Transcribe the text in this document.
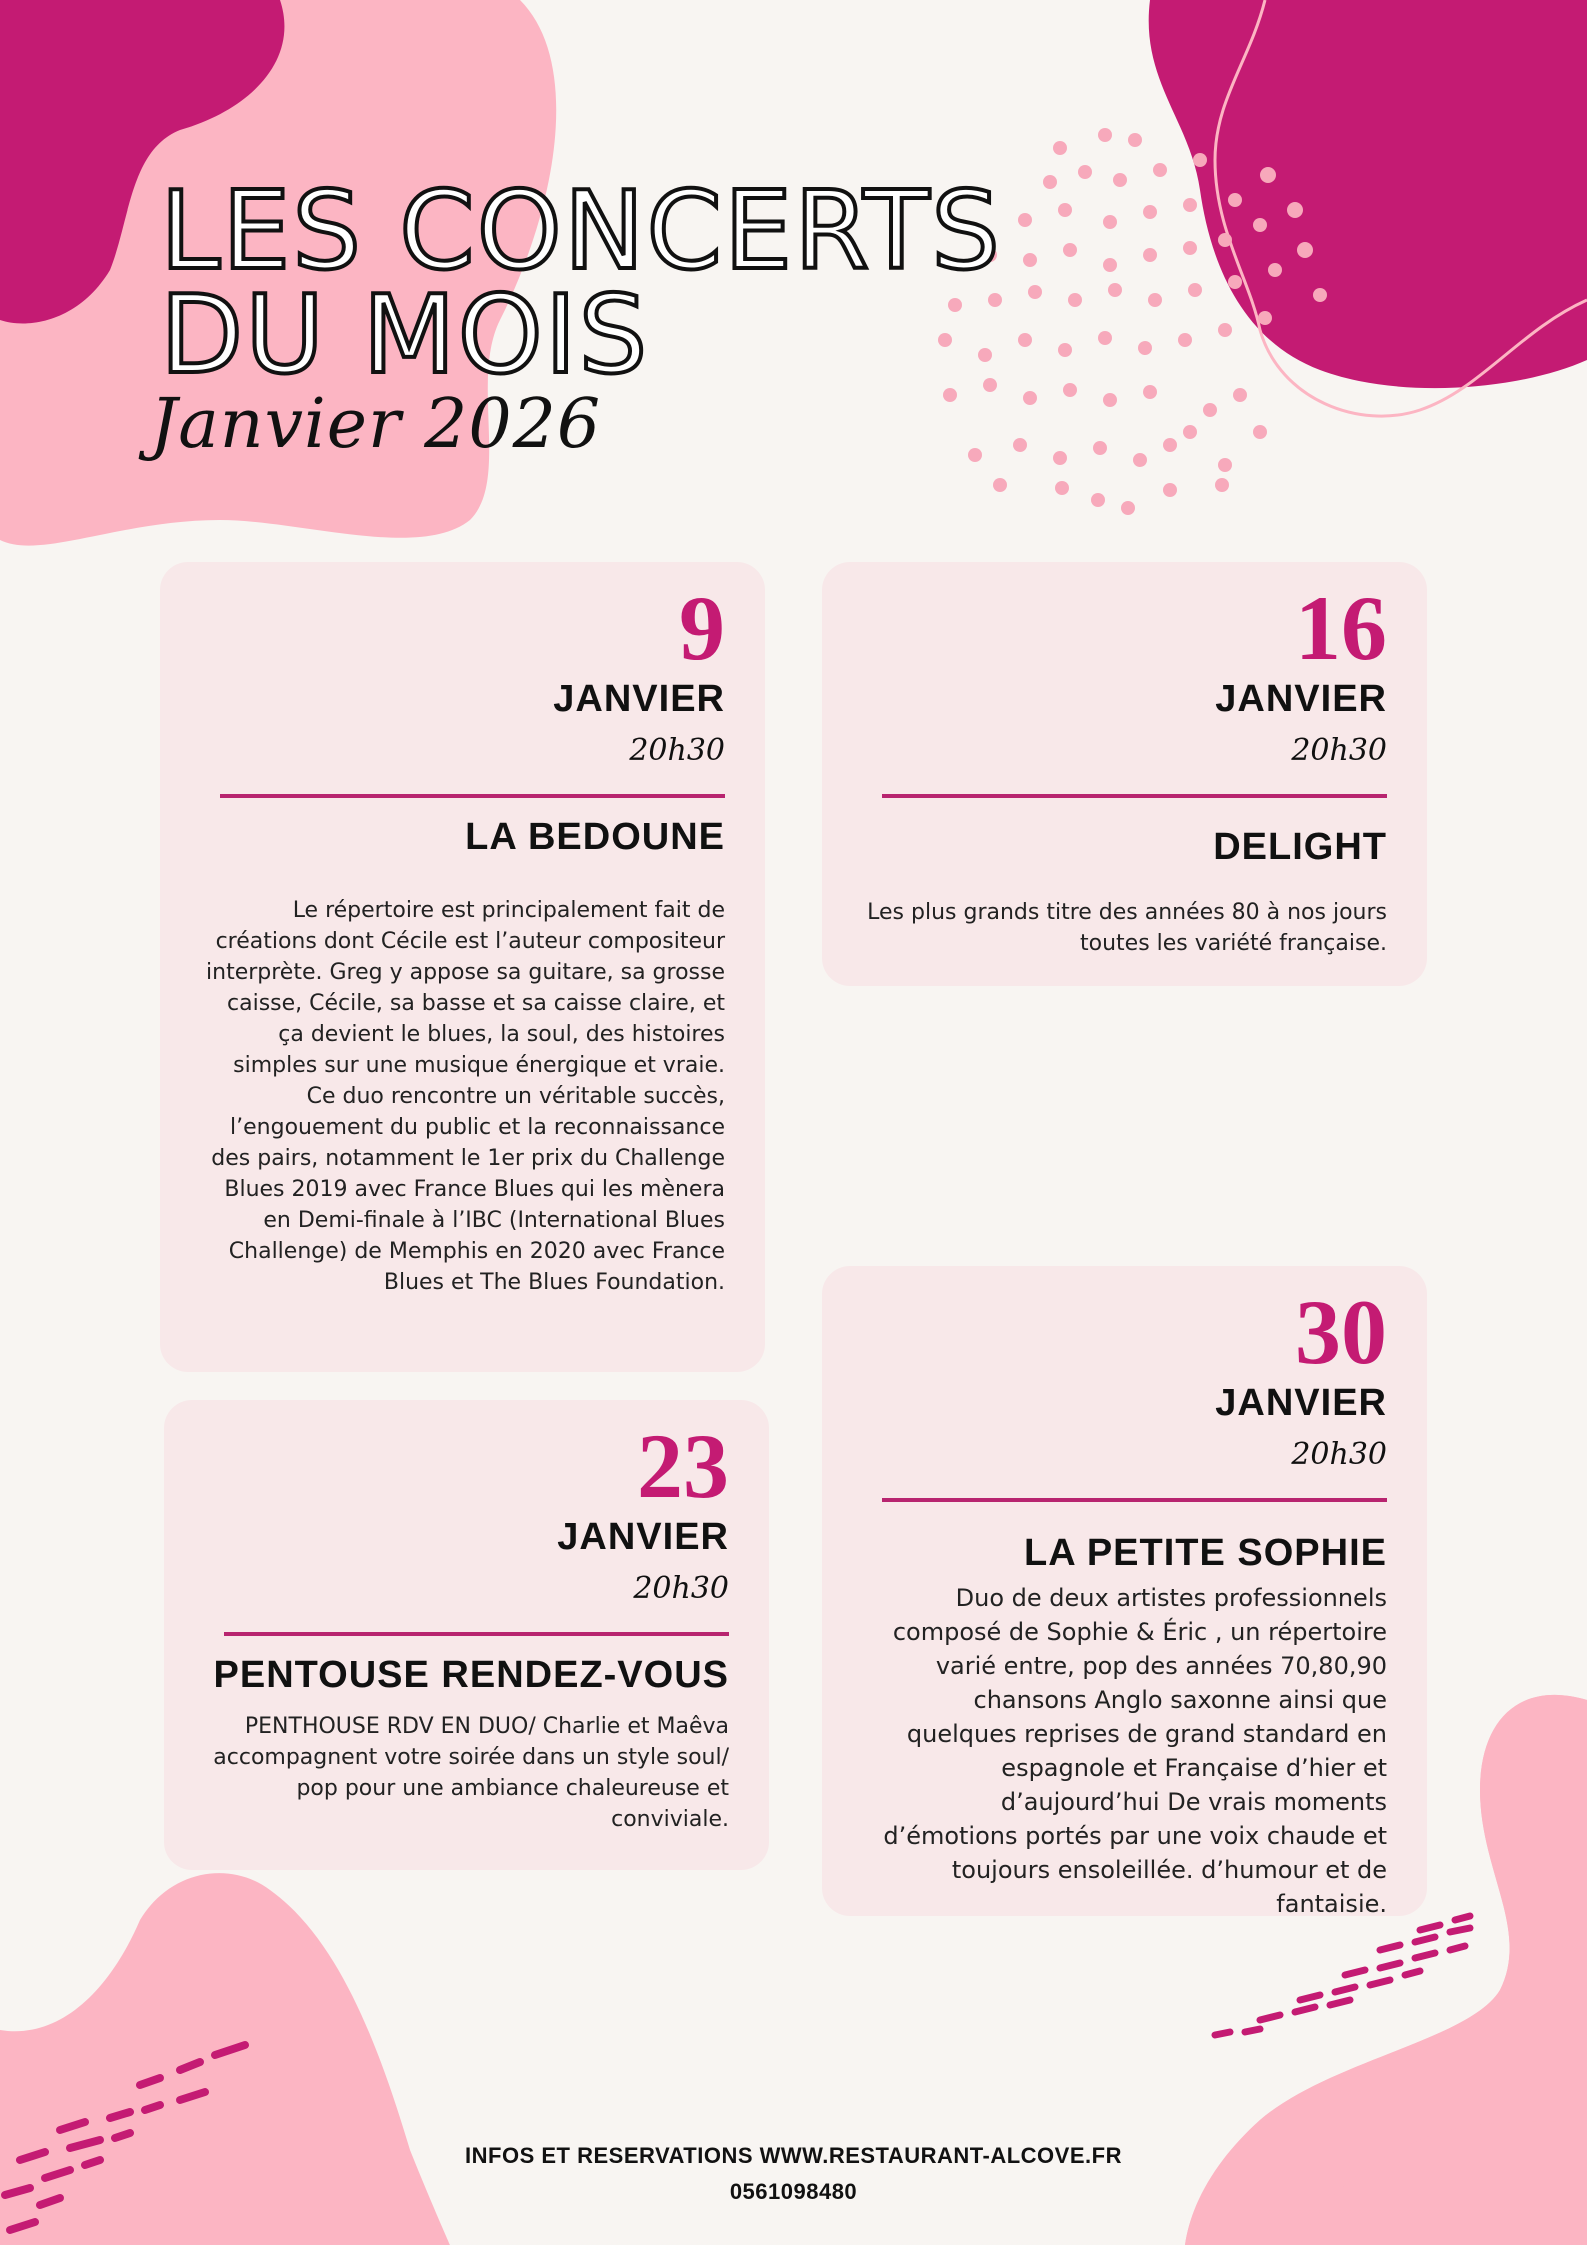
LES CONCERTS
DU MOIS
Janvier 2026
9
JANVIER
20h30
LA BEDOUNE
Le répertoire est principalement fait de créations dont Cécile est l’auteur compositeur interprète. Greg y appose sa guitare, sa grosse caisse, Cécile, sa basse et sa caisse claire, et ça devient le blues, la soul, des histoires simples sur une musique énergique et vraie. Ce duo rencontre un véritable succès, l’engouement du public et la reconnaissance des pairs, notamment le 1er prix du Challenge Blues 2019 avec France Blues qui les mènera en Demi-finale à l’IBC (International Blues Challenge) de Memphis en 2020 avec France Blues et The Blues Foundation.
16
JANVIER
20h30
DELIGHT
Les plus grands titre des années 80 à nos jours toutes les variété française.
23
JANVIER
20h30
PENTOUSE RENDEZ-VOUS
PENTHOUSE RDV EN DUO/ Charlie et Maêva accompagnent votre soirée dans un style soul/ pop pour une ambiance chaleureuse et conviviale.
30
JANVIER
20h30
LA PETITE SOPHIE
Duo de deux artistes professionnels composé de Sophie & Éric , un répertoire varié entre, pop des années 70,80,90 chansons Anglo saxonne ainsi que quelques reprises de grand standard en espagnole et Française d’hier et d’aujourd’hui De vrais moments d’émotions portés par une voix chaude et toujours ensoleillée. d’humour et de fantaisie.
INFOS ET RESERVATIONS WWW.RESTAURANT-ALCOVE.FR
0561098480
